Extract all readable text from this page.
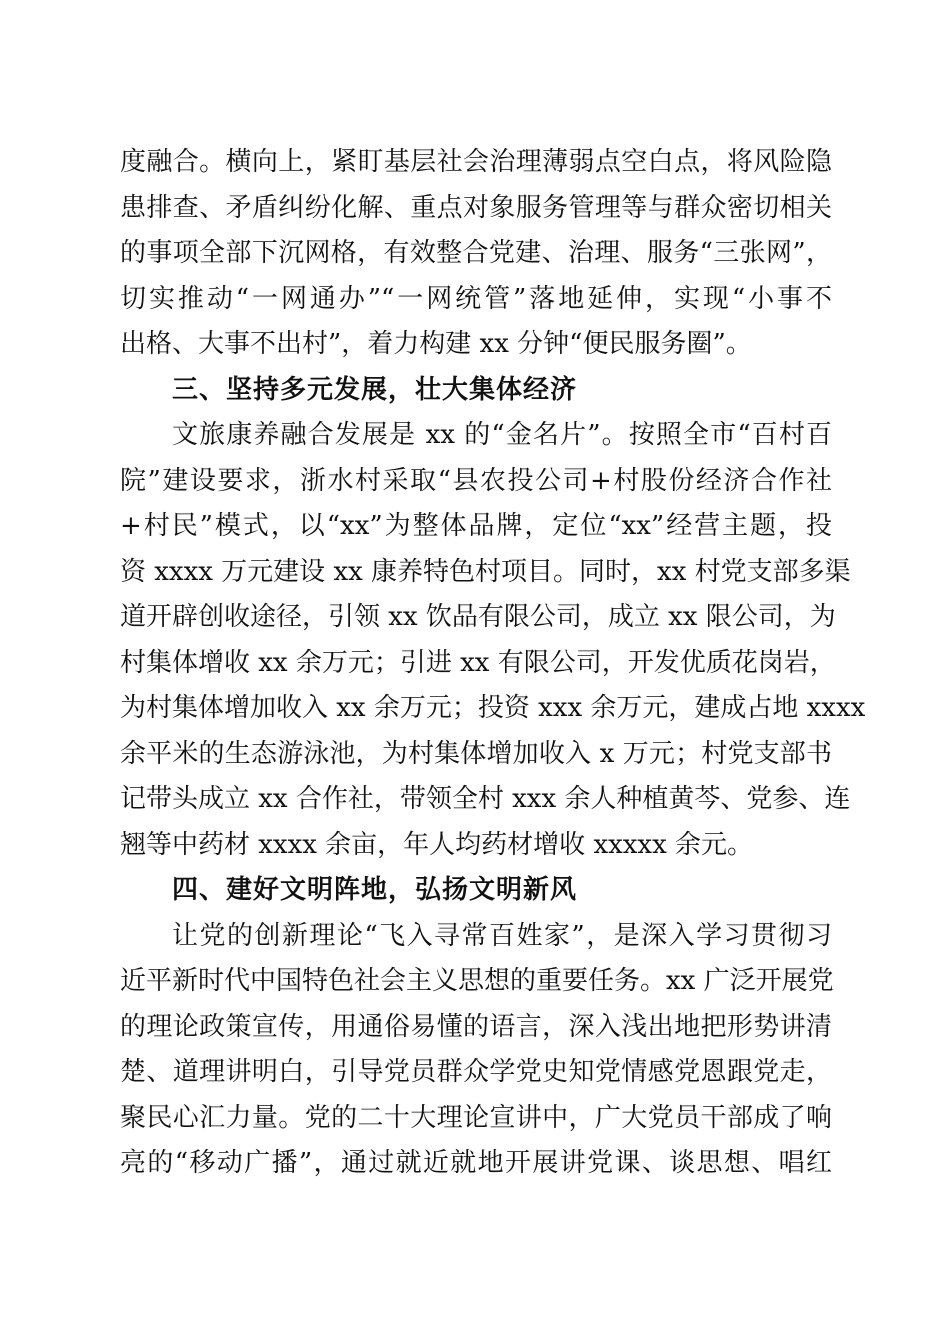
度融合。横向上，紧盯基层社会治理薄弱点空白点，将风险隐
患排查、矛盾纠纷化解、重点对象服务管理等与群众密切相关
的事项全部下沉网格，有效整合党建、治理、服务“三张网”，
切实推动“一网通办”“一网统管”落地延伸，实现“小事不
出格、大事不出村”，着力构建 xx 分钟“便民服务圈”。
三、坚持多元发展，壮大集体经济
文旅康养融合发展是 xx 的“金名片”。按照全市“百村百
院”建设要求，浙水村采取“县农投公司+村股份经济合作社
+村民”模式，以“xx”为整体品牌，定位“xx”经营主题，投
资 xxxx 万元建设 xx 康养特色村项目。同时，xx 村党支部多渠
道开辟创收途径，引领 xx 饮品有限公司，成立 xx 限公司，为
村集体增收 xx 余万元；引进 xx 有限公司，开发优质花岗岩，
为村集体增加收入 xx 余万元；投资 xxx 余万元，建成占地 xxxx
余平米的生态游泳池，为村集体增加收入 x 万元；村党支部书
记带头成立 xx 合作社，带领全村 xxx 余人种植黄芩、党参、连
翘等中药材 xxxx 余亩，年人均药材增收 xxxxx 余元。
四、建好文明阵地，弘扬文明新风
让党的创新理论“飞入寻常百姓家”，是深入学习贯彻习
近平新时代中国特色社会主义思想的重要任务。xx 广泛开展党
的理论政策宣传，用通俗易懂的语言，深入浅出地把形势讲清
楚、道理讲明白，引导党员群众学党史知党情感党恩跟党走，
聚民心汇力量。党的二十大理论宣讲中，广大党员干部成了响
亮的“移动广播”，通过就近就地开展讲党课、谈思想、唱红
